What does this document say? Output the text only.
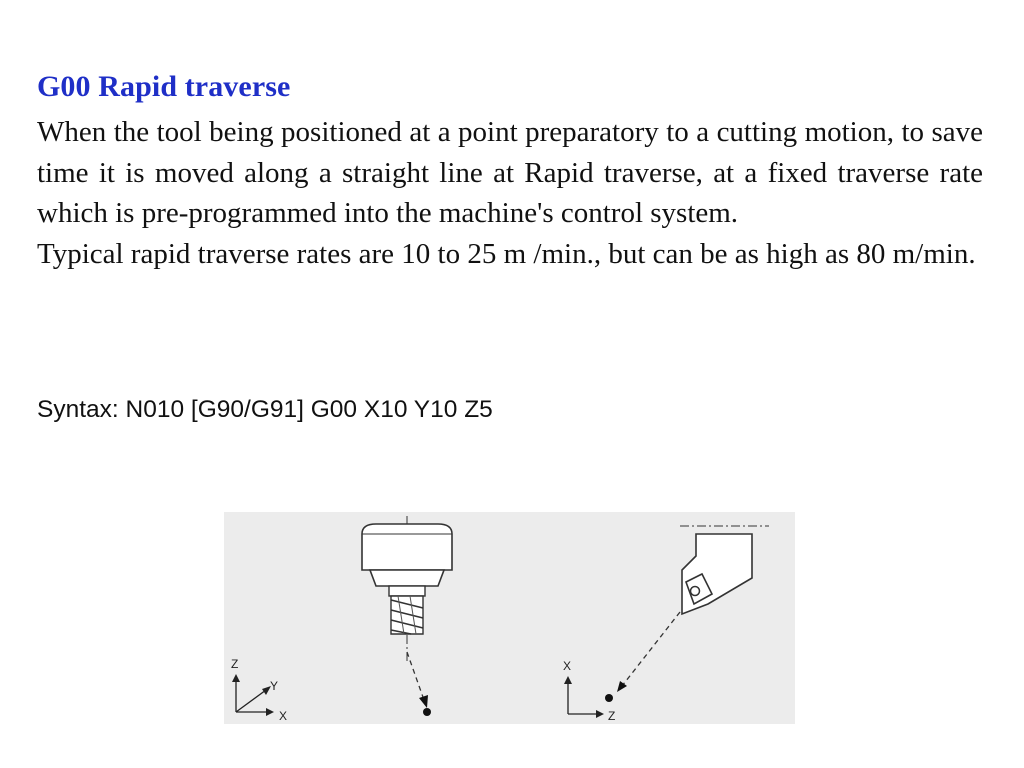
G00 Rapid traverse

When the tool being positioned at a point preparatory to a cutting motion, to save time it is moved along a straight line at Rapid traverse, at a fixed traverse rate which is pre-programmed into the machine's control system.

Typical rapid traverse rates are 10 to 25 m /min., but can be as high as 80 m/min.

Syntax: N010 [G90/G91] G00 X10 Y10 Z5

Z
Y
X
X
Z
